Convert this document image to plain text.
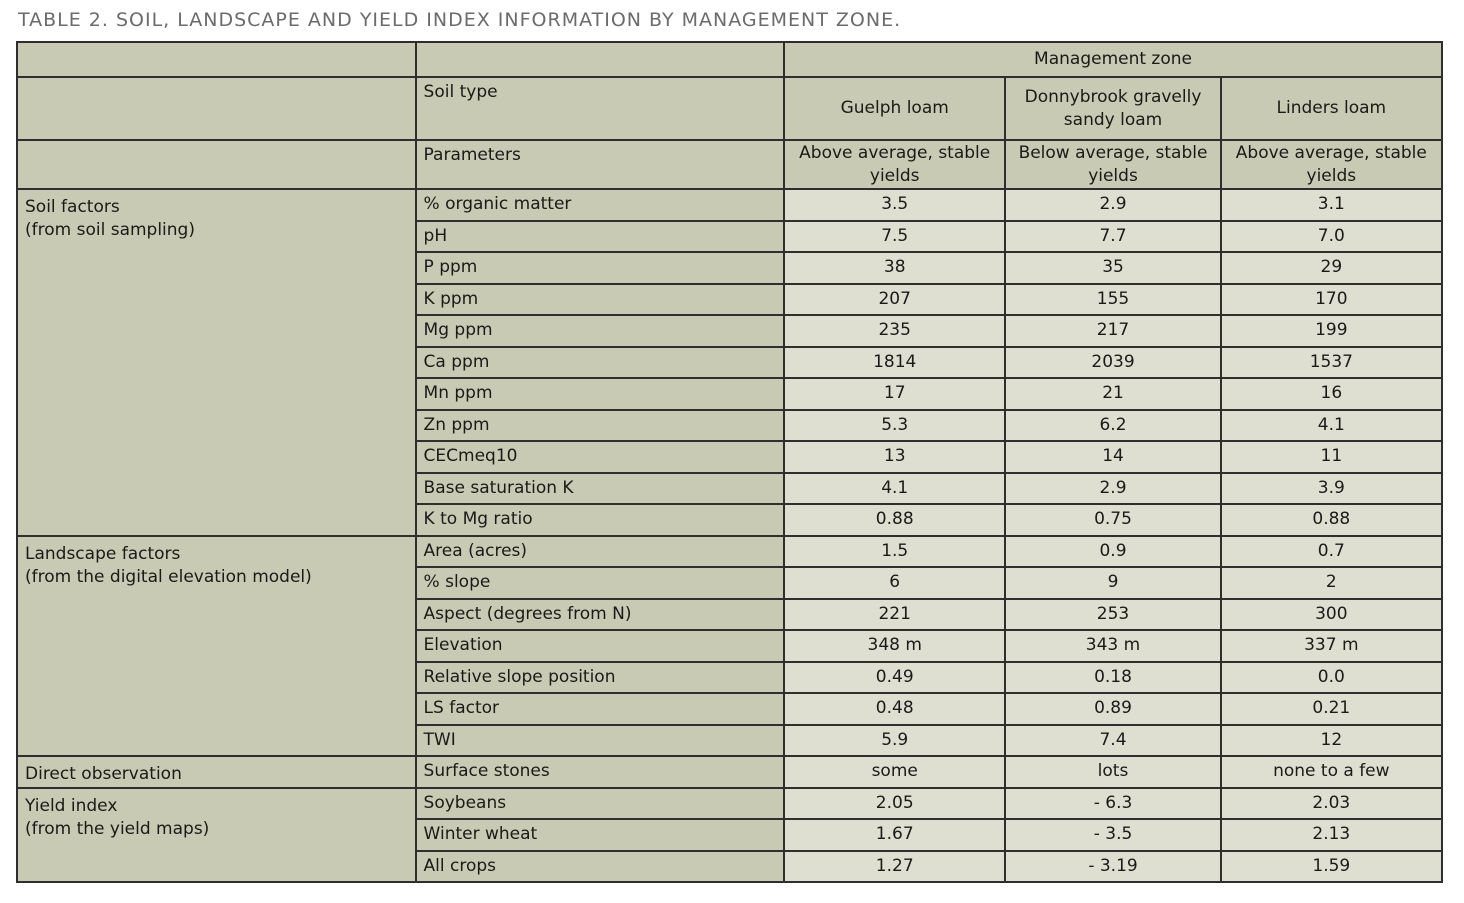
TABLE 2. SOIL, LANDSCAPE AND YIELD INDEX INFORMATION BY MANAGEMENT ZONE.
		Management zone		
	Soil type	Guelph loam	Donnybrook gravelly sandy loam	Linders loam
	Parameters	Above average, stable yields	Below average, stable yields	Above average, stable yields

Soil factors
(from soil sampling)	% organic matter	3.5	2.9	3.1
	pH	7.5	7.7	7.0
	P ppm	38	35	29
	K ppm	207	155	170
	Mg ppm	235	217	199
	Ca ppm	1814	2039	1537
	Mn ppm	17	21	16
	Zn ppm	5.3	6.2	4.1
	CECmeq10	13	14	11
	Base saturation K	4.1	2.9	3.9
	K to Mg ratio	0.88	0.75	0.88

Landscape factors
(from the digital elevation model)	Area (acres)	1.5	0.9	0.7
	% slope	6	9	2
	Aspect (degrees from N)	221	253	300
	Elevation	348 m	343 m	337 m
	Relative slope position	0.49	0.18	0.0
	LS factor	0.48	0.89	0.21
	TWI	5.9	7.4	12

Direct observation	Surface stones	some	lots	none to a few

Yield index
(from the yield maps)	Soybeans	2.05	- 6.3	2.03
	Winter wheat	1.67	- 3.5	2.13
	All crops	1.27	- 3.19	1.59
